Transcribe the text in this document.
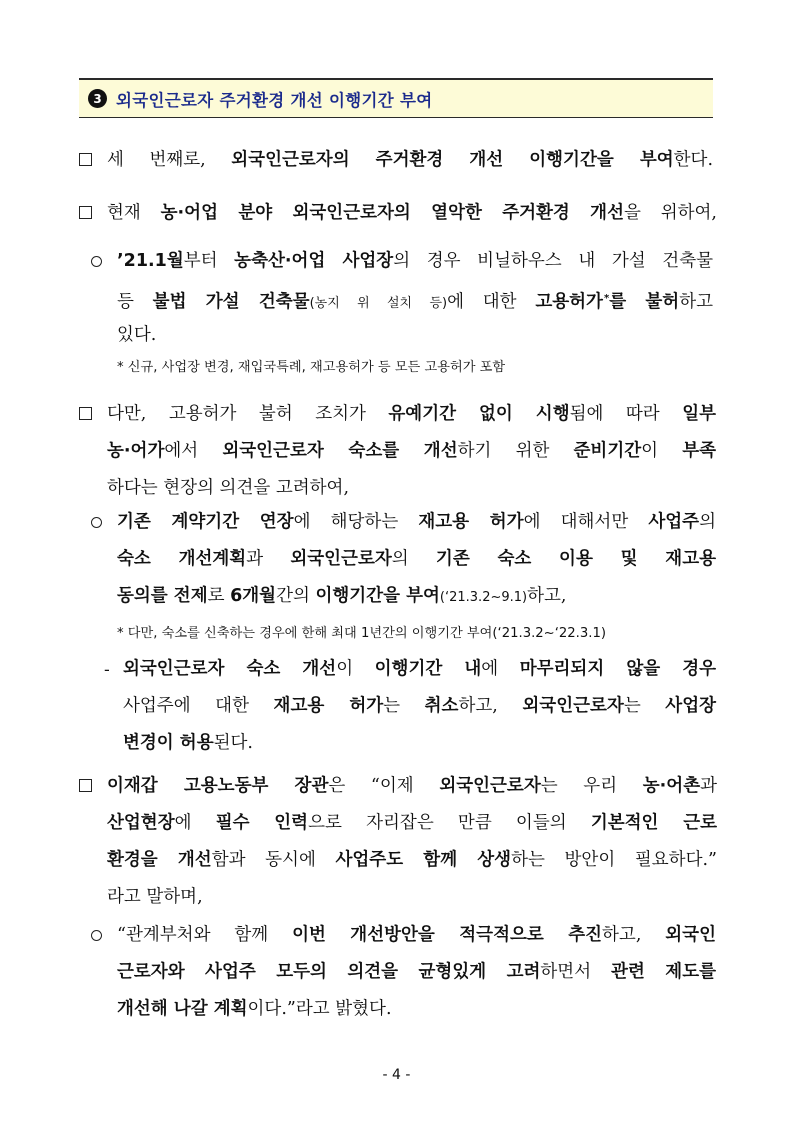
3 외국인근로자 주거환경 개선 이행기간 부여
세 번째로, 외국인근로자의 주거환경 개선 이행기간을 부여한다.
현재 농·어업 분야 외국인근로자의 열악한 주거환경 개선을 위하여,
’21.1월부터 농축산·어업 사업장의 경우 비닐하우스 내 가설 건축물
등 불법 가설 건축물(농지 위 설치 등)에 대한 고용허가*를 불허하고
있다.
* 신규, 사업장 변경, 재입국특례, 재고용허가 등 모든 고용허가 포함
다만, 고용허가 불허 조치가 유예기간 없이 시행됨에 따라 일부
농·어가에서 외국인근로자 숙소를 개선하기 위한 준비기간이 부족
하다는 현장의 의견을 고려하여,
기존 계약기간 연장에 해당하는 재고용 허가에 대해서만 사업주의
숙소 개선계획과 외국인근로자의 기존 숙소 이용 및 재고용
동의를 전제로 6개월간의 이행기간을 부여(‘21.3.2~9.1)하고,
* 다만, 숙소를 신축하는 경우에 한해 최대 1년간의 이행기간 부여(‘21.3.2~‘22.3.1)
- 외국인근로자 숙소 개선이 이행기간 내에 마무리되지 않을 경우
사업주에 대한 재고용 허가는 취소하고, 외국인근로자는 사업장
변경이 허용된다.
이재갑 고용노동부 장관은 “이제 외국인근로자는 우리 농·어촌과
산업현장에 필수 인력으로 자리잡은 만큼 이들의 기본적인 근로
환경을 개선함과 동시에 사업주도 함께 상생하는 방안이 필요하다.”
라고 말하며,
“관계부처와 함께 이번 개선방안을 적극적으로 추진하고, 외국인
근로자와 사업주 모두의 의견을 균형있게 고려하면서 관련 제도를
개선해 나갈 계획이다.”라고 밝혔다.
- 4 -
